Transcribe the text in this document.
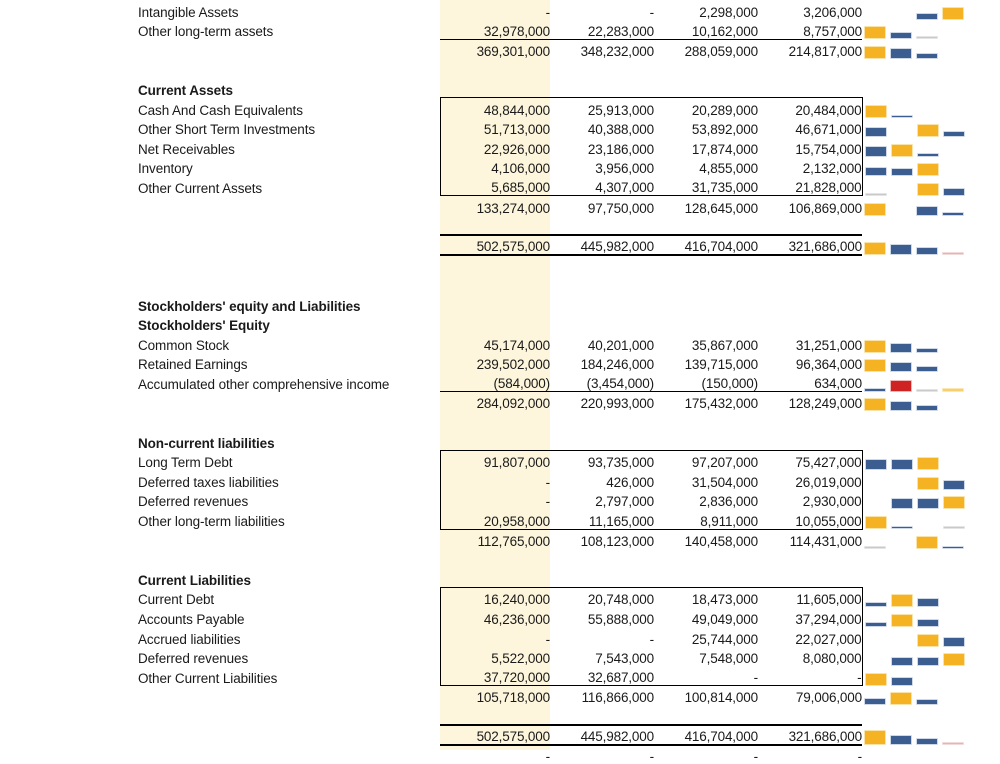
	Intangible Assets	-	-	2,298,000	3,206,000	

	Other long-term assets	32,978,000	22,283,000	10,162,000	8,757,000	

		369,301,000	348,232,000	288,059,000	214,817,000	

	Current Assets					

	Cash And Cash Equivalents	48,844,000	25,913,000	20,289,000	20,484,000	

	Other Short Term Investments	51,713,000	40,388,000	53,892,000	46,671,000	

	Net Receivables	22,926,000	23,186,000	17,874,000	15,754,000	

	Inventory	4,106,000	3,956,000	4,855,000	2,132,000	

	Other Current Assets	5,685,000	4,307,000	31,735,000	21,828,000	

		133,274,000	97,750,000	128,645,000	106,869,000	

		502,575,000	445,982,000	416,704,000	321,686,000	

	Stockholders' equity and Liabilities					

	Stockholders' Equity					

	Common Stock	45,174,000	40,201,000	35,867,000	31,251,000	

	Retained Earnings	239,502,000	184,246,000	139,715,000	96,364,000	

	Accumulated other comprehensive income	(584,000)	(3,454,000)	(150,000)	634,000	

		284,092,000	220,993,000	175,432,000	128,249,000	

	Non-current liabilities					

	Long Term Debt	91,807,000	93,735,000	97,207,000	75,427,000	

	Deferred taxes liabilities	-	426,000	31,504,000	26,019,000	

	Deferred revenues	-	2,797,000	2,836,000	2,930,000	

	Other long-term liabilities	20,958,000	11,165,000	8,911,000	10,055,000	

		112,765,000	108,123,000	140,458,000	114,431,000	

	Current Liabilities					

	Current Debt	16,240,000	20,748,000	18,473,000	11,605,000	

	Accounts Payable	46,236,000	55,888,000	49,049,000	37,294,000	

	Accrued liabilities	-	-	25,744,000	22,027,000	

	Deferred revenues	5,522,000	7,543,000	7,548,000	8,080,000	

	Other Current Liabilities	37,720,000	32,687,000	-	-	

		105,718,000	116,866,000	100,814,000	79,006,000	

		502,575,000	445,982,000	416,704,000	321,686,000	

		-	-	-	-	
